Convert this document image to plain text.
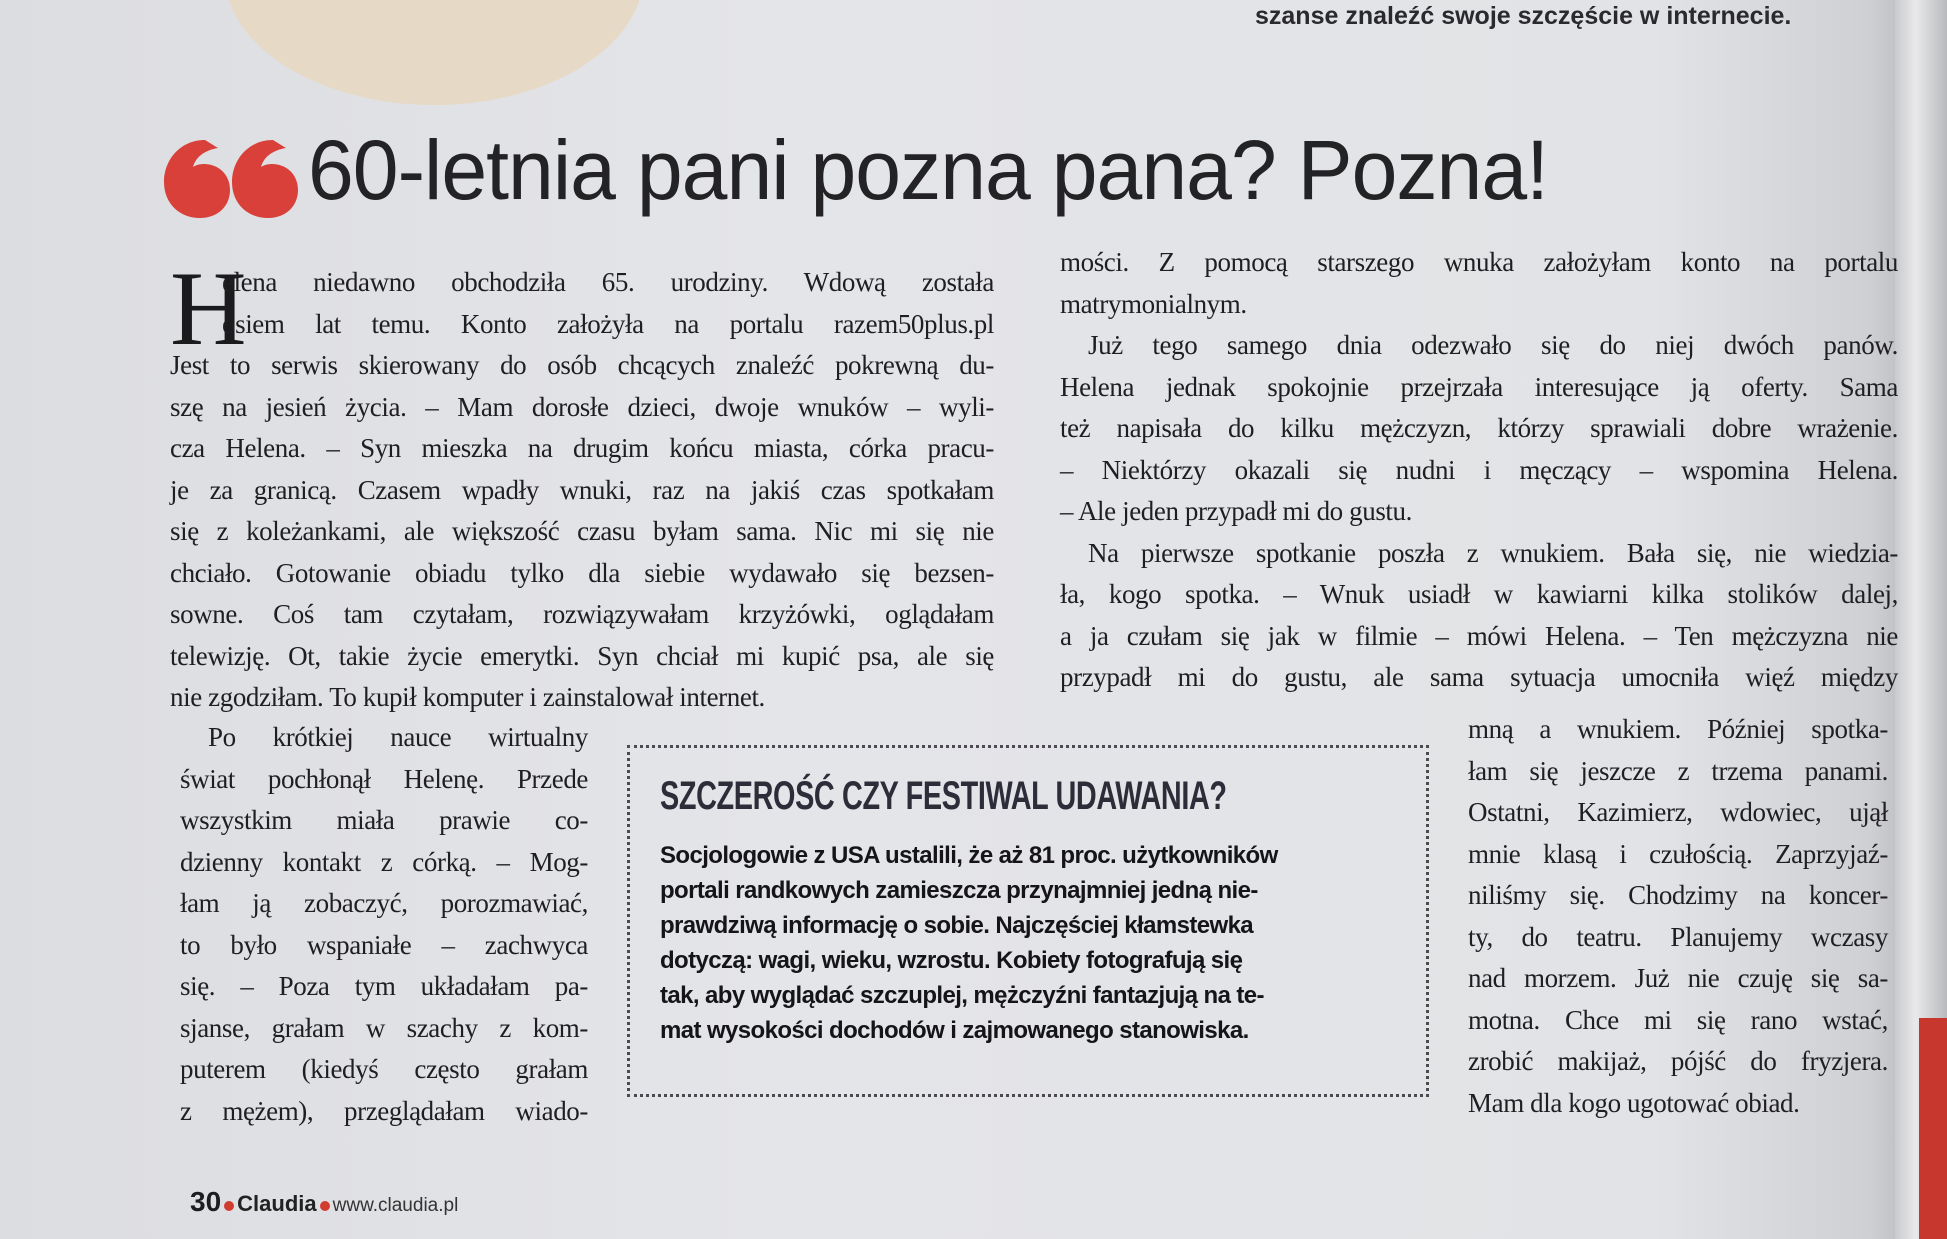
szanse znaleźć swoje szczęście w internecie.
60-letnia pani pozna pana? Pozna!
H
elena niedawno obchodziła 65. urodziny. Wdową została
osiem lat temu. Konto założyła na portalu razem50plus.pl
Jest to serwis skierowany do osób chcących znaleźć pokrewną du-
szę na jesień życia. – Mam dorosłe dzieci, dwoje wnuków – wyli-
cza Helena. – Syn mieszka na drugim końcu miasta, córka pracu-
je za granicą. Czasem wpadły wnuki, raz na jakiś czas spotkałam
się z koleżankami, ale większość czasu byłam sama. Nic mi się nie
chciało. Gotowanie obiadu tylko dla siebie wydawało się bezsen-
sowne. Coś tam czytałam, rozwiązywałam krzyżówki, oglądałam
telewizję. Ot, takie życie emerytki. Syn chciał mi kupić psa, ale się
nie zgodziłam. To kupił komputer i zainstalował internet.
mości. Z pomocą starszego wnuka założyłam konto na portalu
matrymonialnym.
Już tego samego dnia odezwało się do niej dwóch panów.
Helena jednak spokojnie przejrzała interesujące ją oferty. Sama
też napisała do kilku mężczyzn, którzy sprawiali dobre wrażenie.
– Niektórzy okazali się nudni i męczący – wspomina Helena.
– Ale jeden przypadł mi do gustu.
Na pierwsze spotkanie poszła z wnukiem. Bała się, nie wiedzia-
ła, kogo spotka. – Wnuk usiadł w kawiarni kilka stolików dalej,
a ja czułam się jak w filmie – mówi Helena. – Ten mężczyzna nie
przypadł mi do gustu, ale sama sytuacja umocniła więź między
Po krótkiej nauce wirtualny
świat pochłonął Helenę. Przede
wszystkim miała prawie co-
dzienny kontakt z córką. – Mog-
łam ją zobaczyć, porozmawiać,
to było wspaniałe – zachwyca
się. – Poza tym układałam pa-
sjanse, grałam w szachy z kom-
puterem (kiedyś często grałam
z mężem), przeglądałam wiado-
mną a wnukiem. Później spotka-
łam się jeszcze z trzema panami.
Ostatni, Kazimierz, wdowiec, ujął
mnie klasą i czułością. Zaprzyjaź-
niliśmy się. Chodzimy na koncer-
ty, do teatru. Planujemy wczasy
nad morzem. Już nie czuję się sa-
motna. Chce mi się rano wstać,
zrobić makijaż, pójść do fryzjera.
Mam dla kogo ugotować obiad.
SZCZEROŚĆ CZY FESTIWAL UDAWANIA?
Socjologowie z USA ustalili, że aż 81 proc. użytkowników
portali randkowych zamieszcza przynajmniej jedną nie-
prawdziwą informację o sobie. Najczęściej kłamstewka
dotyczą: wagi, wieku, wzrostu. Kobiety fotografują się
tak, aby wyglądać szczuplej, mężczyźni fantazjują na te-
mat wysokości dochodów i zajmowanego stanowiska.
30 Claudia www.claudia.pl
